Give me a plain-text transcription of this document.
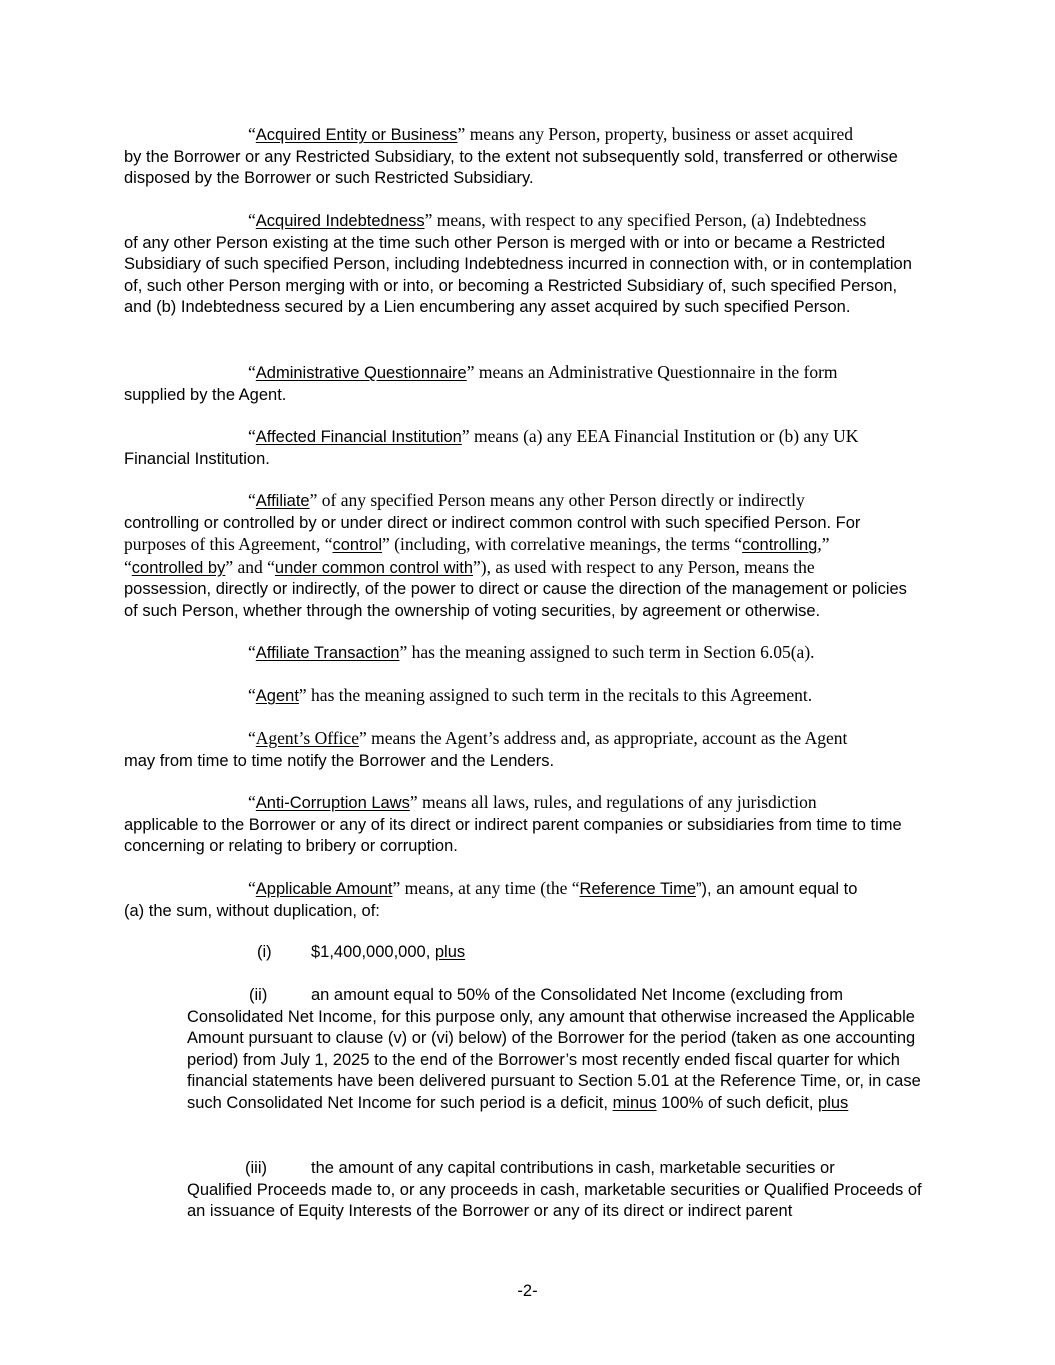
“Acquired Entity or Business” means any Person, property, business or asset acquired
by the Borrower or any Restricted Subsidiary, to the extent not subsequently sold, transferred or otherwise disposed by the Borrower or such Restricted Subsidiary.

“Acquired Indebtedness” means, with respect to any specified Person, (a) Indebtedness
of any other Person existing at the time such other Person is merged with or into or became a Restricted Subsidiary of such specified Person, including Indebtedness incurred in connection with, or in contemplation of, such other Person merging with or into, or becoming a Restricted Subsidiary of, such specified Person, and (b) Indebtedness secured by a Lien encumbering any asset acquired by such specified Person.

“Administrative Questionnaire” means an Administrative Questionnaire in the form
supplied by the Agent.

“Affected Financial Institution” means (a) any EEA Financial Institution or (b) any UK
Financial Institution.

“Affiliate” of any specified Person means any other Person directly or indirectly
controlling or controlled by or under direct or indirect common control with such specified Person. For
purposes of this Agreement, “control” (including, with correlative meanings, the terms “controlling,”
“controlled by” and “under common control with”), as used with respect to any Person, means the
possession, directly or indirectly, of the power to direct or cause the direction of the management or policies of such Person, whether through the ownership of voting securities, by agreement or otherwise.

“Affiliate Transaction” has the meaning assigned to such term in Section 6.05(a).

“Agent” has the meaning assigned to such term in the recitals to this Agreement.

“Agent’s Office” means the Agent’s address and, as appropriate, account as the Agent
may from time to time notify the Borrower and the Lenders.

“Anti-Corruption Laws” means all laws, rules, and regulations of any jurisdiction
applicable to the Borrower or any of its direct or indirect parent companies or subsidiaries from time to time concerning or relating to bribery or corruption.

“Applicable Amount” means, at any time (the “Reference Time”), an amount equal to
(a) the sum, without duplication, of:

(i) $1,400,000,000, plus

(ii)	an amount equal to 50% of the Consolidated Net Income (excluding from
Consolidated Net Income, for this purpose only, any amount that otherwise increased the Applicable Amount pursuant to clause (v) or (vi) below) of the Borrower for the period (taken as one accounting period) from July 1, 2025 to the end of the Borrower’s most recently ended fiscal quarter for which financial statements have been delivered pursuant to Section 5.01 at the Reference Time, or, in case such Consolidated Net Income for such period is a deficit, minus 100% of such deficit, plus

(iii)	the amount of any capital contributions in cash, marketable securities or
Qualified Proceeds made to, or any proceeds in cash, marketable securities or Qualified Proceeds of an issuance of Equity Interests of the Borrower or any of its direct or indirect parent

-2-
